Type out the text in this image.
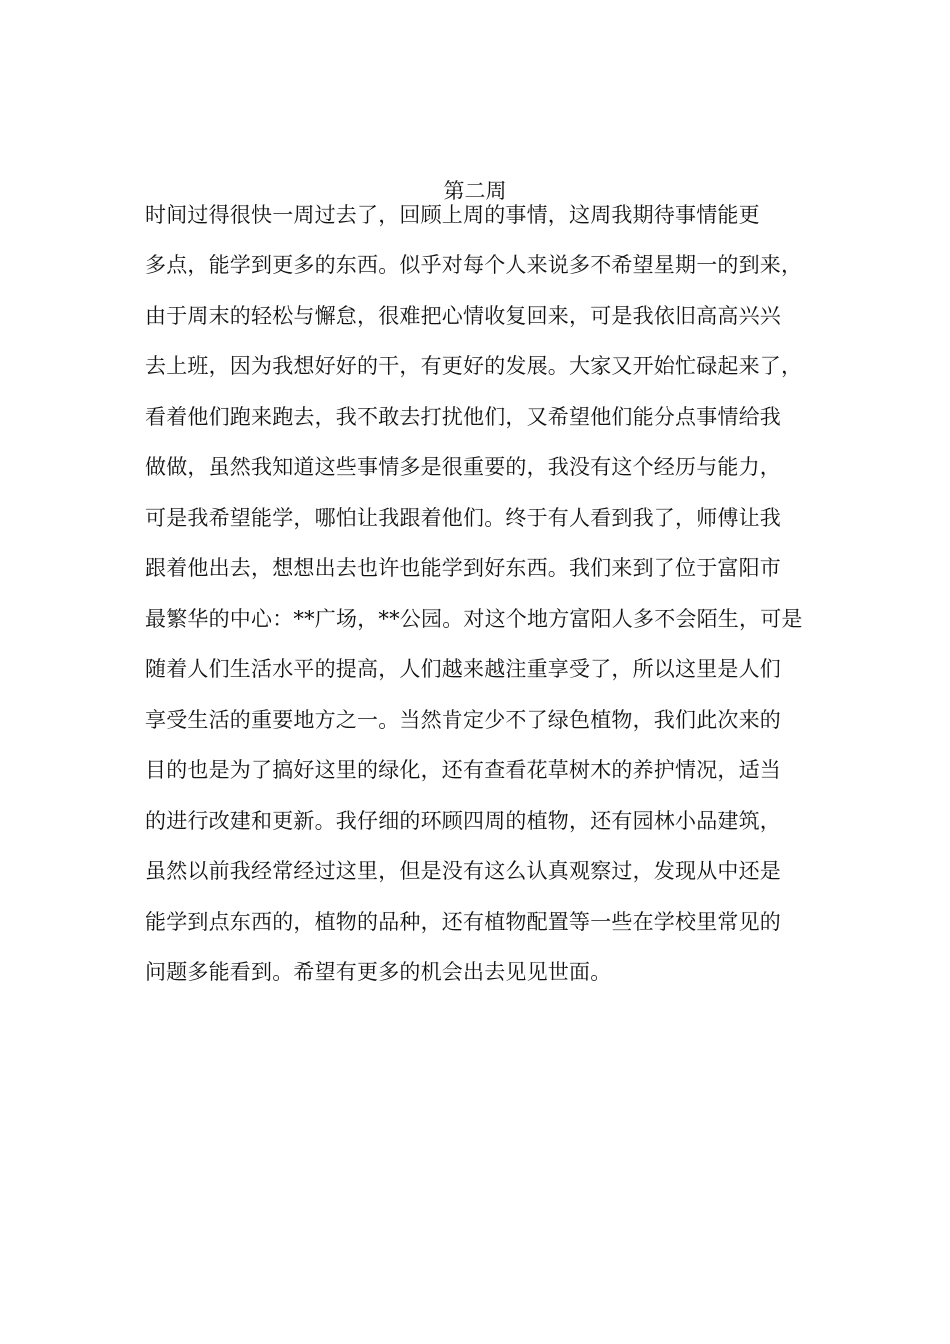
第二周
时间过得很快一周过去了，回顾上周的事情，这周我期待事情能更
多点，能学到更多的东西。似乎对每个人来说多不希望星期一的到来，
由于周末的轻松与懈怠，很难把心情收复回来，可是我依旧高高兴兴
去上班，因为我想好好的干，有更好的发展。大家又开始忙碌起来了，
看着他们跑来跑去，我不敢去打扰他们，又希望他们能分点事情给我
做做，虽然我知道这些事情多是很重要的，我没有这个经历与能力，
可是我希望能学，哪怕让我跟着他们。终于有人看到我了，师傅让我
跟着他出去，想想出去也许也能学到好东西。我们来到了位于富阳市
最繁华的中心：**广场，**公园。对这个地方富阳人多不会陌生，可是
随着人们生活水平的提高，人们越来越注重享受了，所以这里是人们
享受生活的重要地方之一。当然肯定少不了绿色植物，我们此次来的
目的也是为了搞好这里的绿化，还有查看花草树木的养护情况，适当
的进行改建和更新。我仔细的环顾四周的植物，还有园林小品建筑，
虽然以前我经常经过这里，但是没有这么认真观察过，发现从中还是
能学到点东西的，植物的品种，还有植物配置等一些在学校里常见的
问题多能看到。希望有更多的机会出去见见世面。
